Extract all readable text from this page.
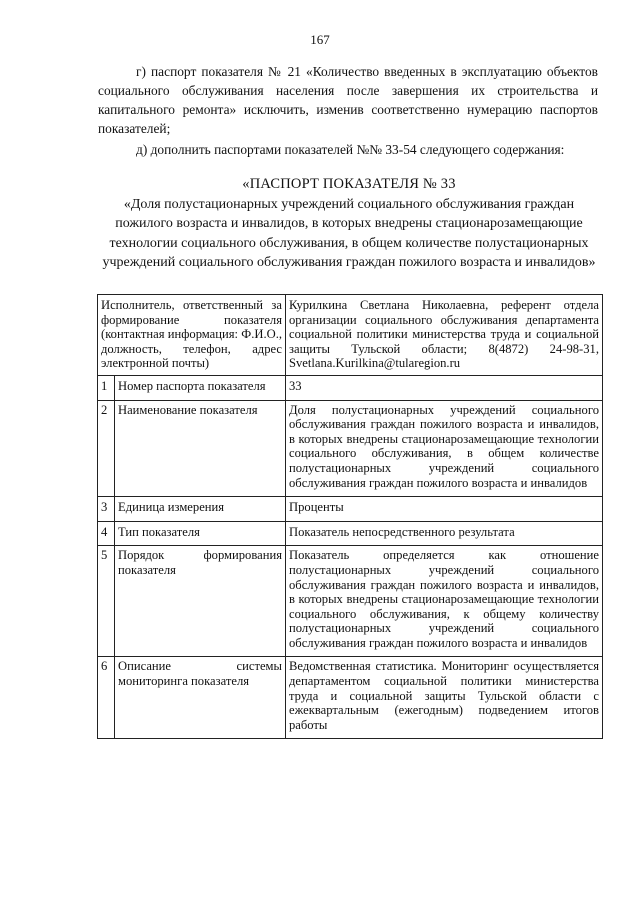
167
г) паспорт показателя № 21 «Количество введенных в эксплуатацию объектов социального обслуживания населения после завершения их строительства и капитального ремонта» исключить, изменив соответственно нумерацию паспортов показателей;
д) дополнить паспортами показателей №№ 33-54 следующего содержания:
«ПАСПОРТ ПОКАЗАТЕЛЯ № 33
«Доля полустационарных учреждений социального обслуживания граждан пожилого возраста и инвалидов, в которых внедрены стационарозамещающие технологии социального обслуживания, в общем количестве полустационарных учреждений социального обслуживания граждан пожилого возраста и инвалидов»
Исполнитель, ответственный за формирование показателя (контактная информация: Ф.И.О., должность, телефон, адрес электронной почты)		Курилкина Светлана Николаевна, референт отдела организации социального обслуживания департамента социальной политики министерства труда и социальной защиты Тульской области; 8(4872) 24-98-31, Svetlana.Kurilkina@tularegion.ru
1	Номер паспорта показателя	33
2	Наименование показателя	Доля полустационарных учреждений социального обслуживания граждан пожилого возраста и инвалидов, в которых внедрены стационарозамещающие технологии социального обслуживания, в общем количестве полустационарных учреждений социального обслуживания граждан пожилого возраста и инвалидов
3	Единица измерения	Проценты
4	Тип показателя	Показатель непосредственного результата
5	Порядок формирования показателя	Показатель определяется как отношение полустационарных учреждений социального обслуживания граждан пожилого возраста и инвалидов, в которых внедрены стационарозамещающие технологии социального обслуживания, к общему количеству полустационарных учреждений социального обслуживания граждан пожилого возраста и инвалидов
6	Описание системы мониторинга показателя	Ведомственная статистика. Мониторинг осуществляется департаментом социальной политики министерства труда и социальной защиты Тульской области с ежеквартальным (ежегодным) подведением итогов работы
